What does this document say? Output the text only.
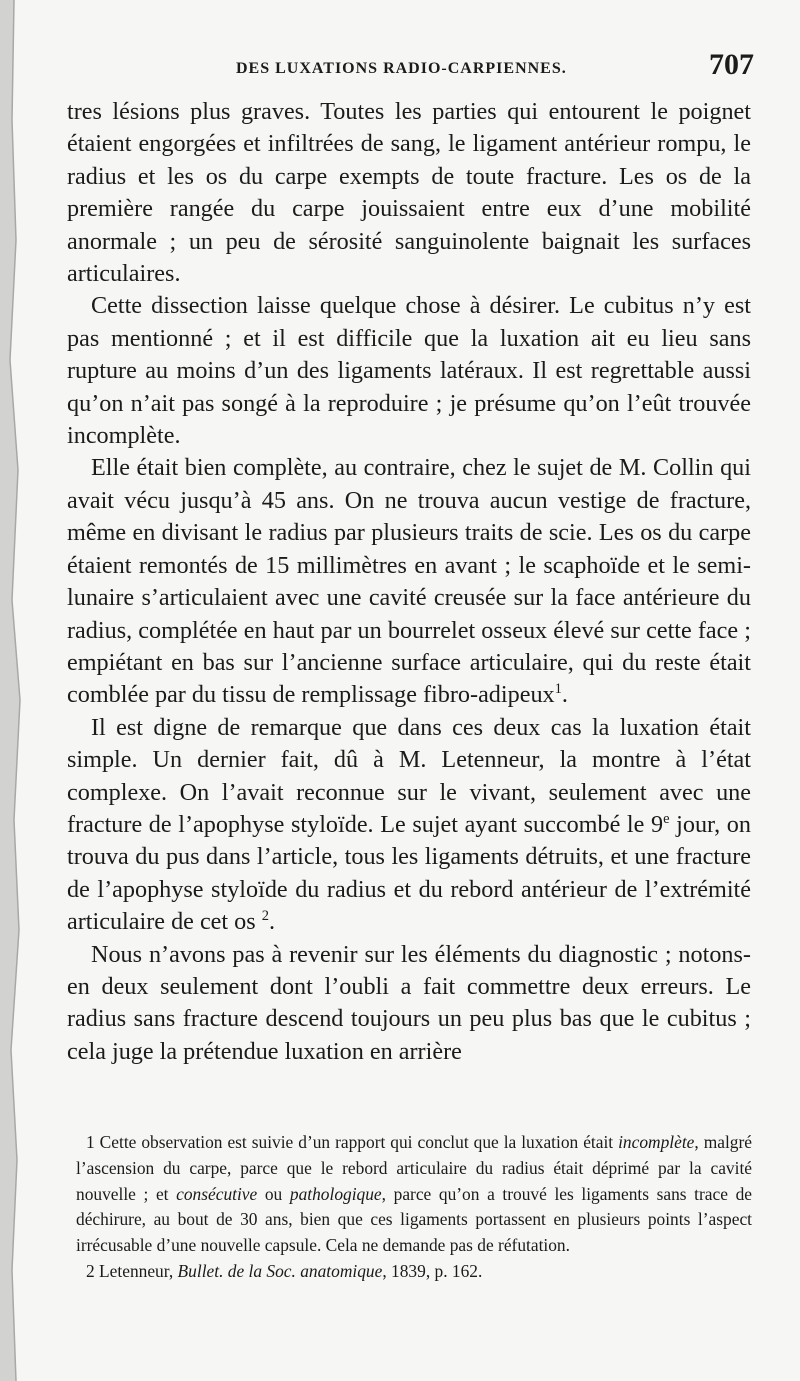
DES LUXATIONS RADIO-CARPIENNES.	707

tres lésions plus graves. Toutes les parties qui entourent le poignet étaient engorgées et infiltrées de sang, le ligament antérieur rompu, le radius et les os du carpe exempts de toute fracture. Les os de la première rangée du carpe jouissaient entre eux d’une mobilité anormale ; un peu de sérosité sanguinolente baignait les surfaces articulaires.

Cette dissection laisse quelque chose à désirer. Le cubitus n’y est pas mentionné ; et il est difficile que la luxation ait eu lieu sans rupture au moins d’un des ligaments latéraux. Il est regrettable aussi qu’on n’ait pas songé à la reproduire ; je présume qu’on l’eût trouvée incomplète.

Elle était bien complète, au contraire, chez le sujet de M. Collin qui avait vécu jusqu’à 45 ans. On ne trouva aucun vestige de fracture, même en divisant le radius par plusieurs traits de scie. Les os du carpe étaient remontés de 15 millimètres en avant ; le scaphoïde et le semi-lunaire s’articulaient avec une cavité creusée sur la face antérieure du radius, complétée en haut par un bourrelet osseux élevé sur cette face ; empiétant en bas sur l’ancienne surface articulaire, qui du reste était comblée par du tissu de remplissage fibro-adipeux$^1$.

Il est digne de remarque que dans ces deux cas la luxation était simple. Un dernier fait, dû à M. Letenneur, la montre à l’état complexe. On l’avait reconnue sur le vivant, seulement avec une fracture de l’apophyse styloïde. Le sujet ayant succombé le 9e jour, on trouva du pus dans l’article, tous les ligaments détruits, et une fracture de l’apophyse styloïde du radius et du rebord antérieur de l’extrémité articulaire de cet os $^2$.

Nous n’avons pas à revenir sur les éléments du diagnostic ; notons-en deux seulement dont l’oubli a fait commettre deux erreurs. Le radius sans fracture descend toujours un peu plus bas que le cubitus ; cela juge la prétendue luxation en arrière

1 Cette observation est suivie d’un rapport qui conclut que la luxation était incomplète, malgré l’ascension du carpe, parce que le rebord articulaire du radius était déprimé par la cavité nouvelle ; et consécutive ou pathologique, parce qu’on a trouvé les ligaments sans trace de déchirure, au bout de 30 ans, bien que ces ligaments portassent en plusieurs points l’aspect irrécusable d’une nouvelle capsule. Cela ne demande pas de réfutation.

2 Letenneur, Bullet. de la Soc. anatomique, 1839, p. 162.
